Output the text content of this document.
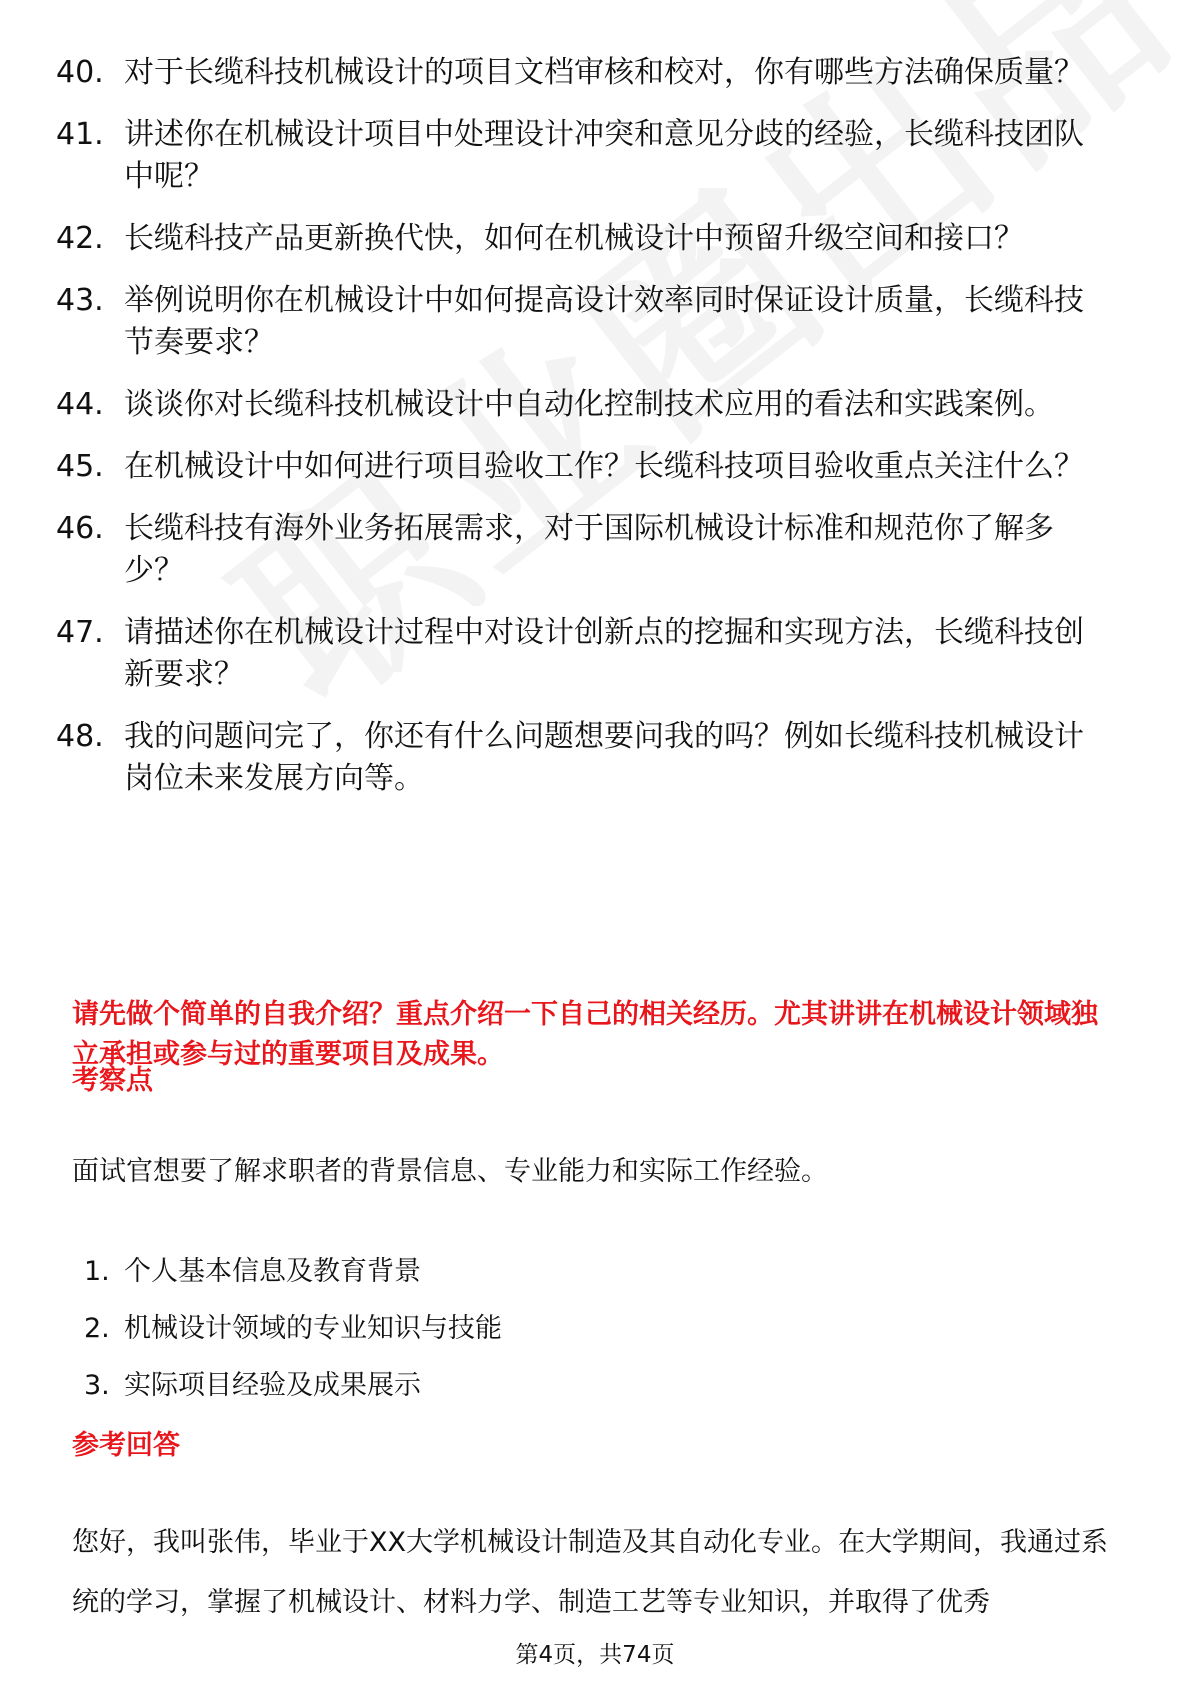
40. 对于长缆科技机械设计的项目文档审核和校对，你有哪些方法确保质量？
41. 讲述你在机械设计项目中处理设计冲突和意见分歧的经验，长缆科技团队中呢？
42. 长缆科技产品更新换代快，如何在机械设计中预留升级空间和接口？
43. 举例说明你在机械设计中如何提高设计效率同时保证设计质量，长缆科技节奏要求？
44. 谈谈你对长缆科技机械设计中自动化控制技术应用的看法和实践案例。
45. 在机械设计中如何进行项目验收工作？长缆科技项目验收重点关注什么？
46. 长缆科技有海外业务拓展需求，对于国际机械设计标准和规范你了解多少？
47. 请描述你在机械设计过程中对设计创新点的挖掘和实现方法，长缆科技创新要求？
48. 我的问题问完了，你还有什么问题想要问我的吗？例如长缆科技机械设计岗位未来发展方向等。
请先做个简单的自我介绍？重点介绍一下自己的相关经历。尤其讲讲在机械设计领域独立承担或参与过的重要项目及成果。
考察点
面试官想要了解求职者的背景信息、专业能力和实际工作经验。
1. 个人基本信息及教育背景
2. 机械设计领域的专业知识与技能
3. 实际项目经验及成果展示
参考回答
您好，我叫张伟，毕业于XX大学机械设计制造及其自动化专业。在大学期间，我通过系统的学习，掌握了机械设计、材料力学、制造工艺等专业知识，并取得了优秀
第4页，共74页
